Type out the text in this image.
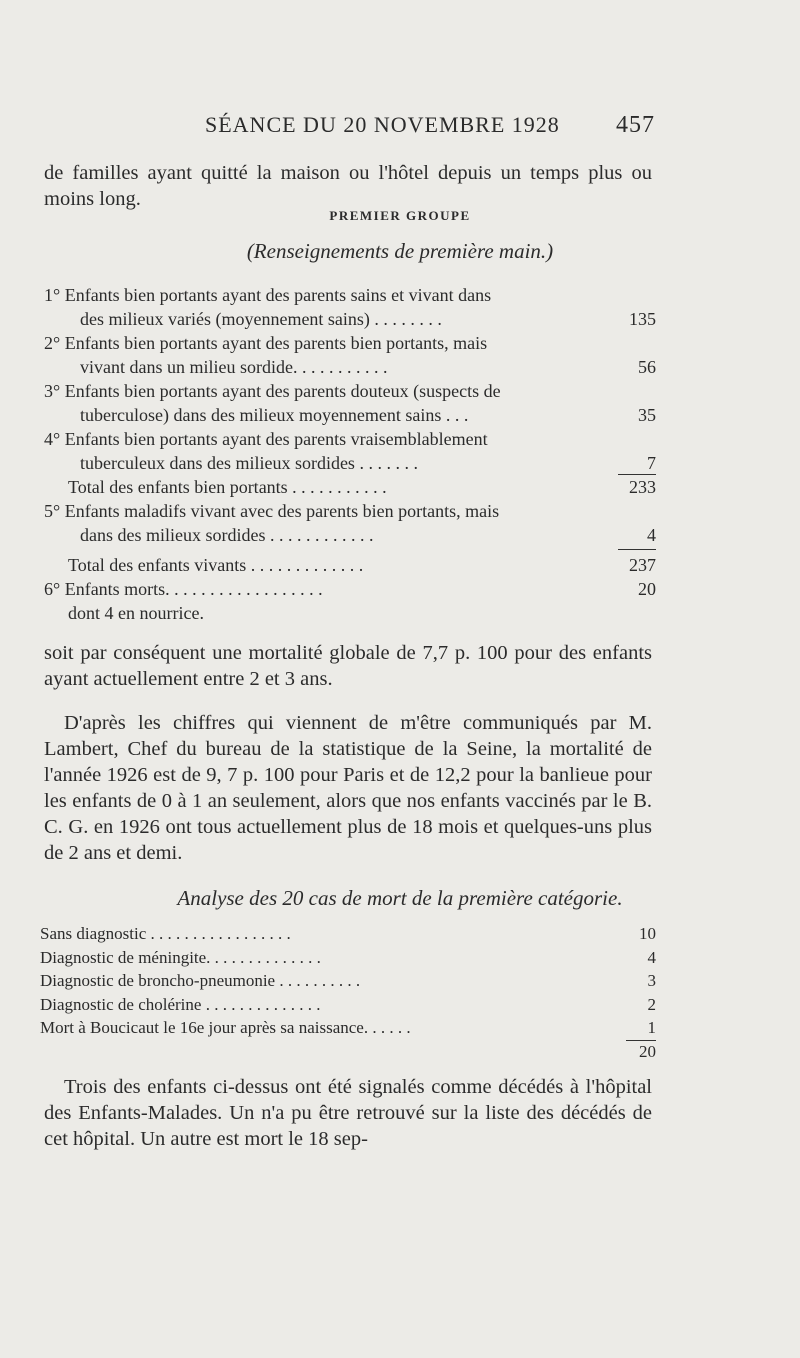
SÉANCE DU 20 NOVEMBRE 1928 457
de familles ayant quitté la maison ou l'hôtel depuis un temps plus ou moins long.
PREMIER GROUPE
(Renseignements de première main.)
1° Enfants bien portants ayant des parents sains et vivant dans
des milieux variés (moyennement sains) . . . . . . . .	135
2° Enfants bien portants ayant des parents bien portants, mais
vivant dans un milieu sordide. . . . . . . . . . .	56
3° Enfants bien portants ayant des parents douteux (suspects de
tuberculose) dans des milieux moyennement sains . . .	35
4° Enfants bien portants ayant des parents vraisemblablement
tuberculeux dans des milieux sordides . . . . . . .	7
Total des enfants bien portants . . . . . . . . . . .	233
5° Enfants maladifs vivant avec des parents bien portants, mais
dans des milieux sordides . . . . . . . . . . . .	4
Total des enfants vivants . . . . . . . . . . . . .	237
6° Enfants morts. . . . . . . . . . . . . . . . . .	20
dont 4 en nourrice.
soit par conséquent une mortalité globale de 7,7 p. 100 pour des enfants ayant actuellement entre 2 et 3 ans.
D'après les chiffres qui viennent de m'être communiqués par M. Lambert, Chef du bureau de la statistique de la Seine, la mortalité de l'année 1926 est de 9, 7 p. 100 pour Paris et de 12,2 pour la banlieue pour les enfants de 0 à 1 an seulement, alors que nos enfants vaccinés par le B. C. G. en 1926 ont tous actuellement plus de 18 mois et quelques-uns plus de 2 ans et demi.
Analyse des 20 cas de mort de la première catégorie.
Sans diagnostic . . . . . . . . . . . . . . . . .	10
Diagnostic de méningite. . . . . . . . . . . . . .	4
Diagnostic de broncho-pneumonie . . . . . . . . . .	3
Diagnostic de cholérine . . . . . . . . . . . . . .	2
Mort à Boucicaut le 16e jour après sa naissance. . . . . .	1
20
Trois des enfants ci-dessus ont été signalés comme décédés à l'hôpital des Enfants-Malades. Un n'a pu être retrouvé sur la liste des décédés de cet hôpital. Un autre est mort le 18 sep-
